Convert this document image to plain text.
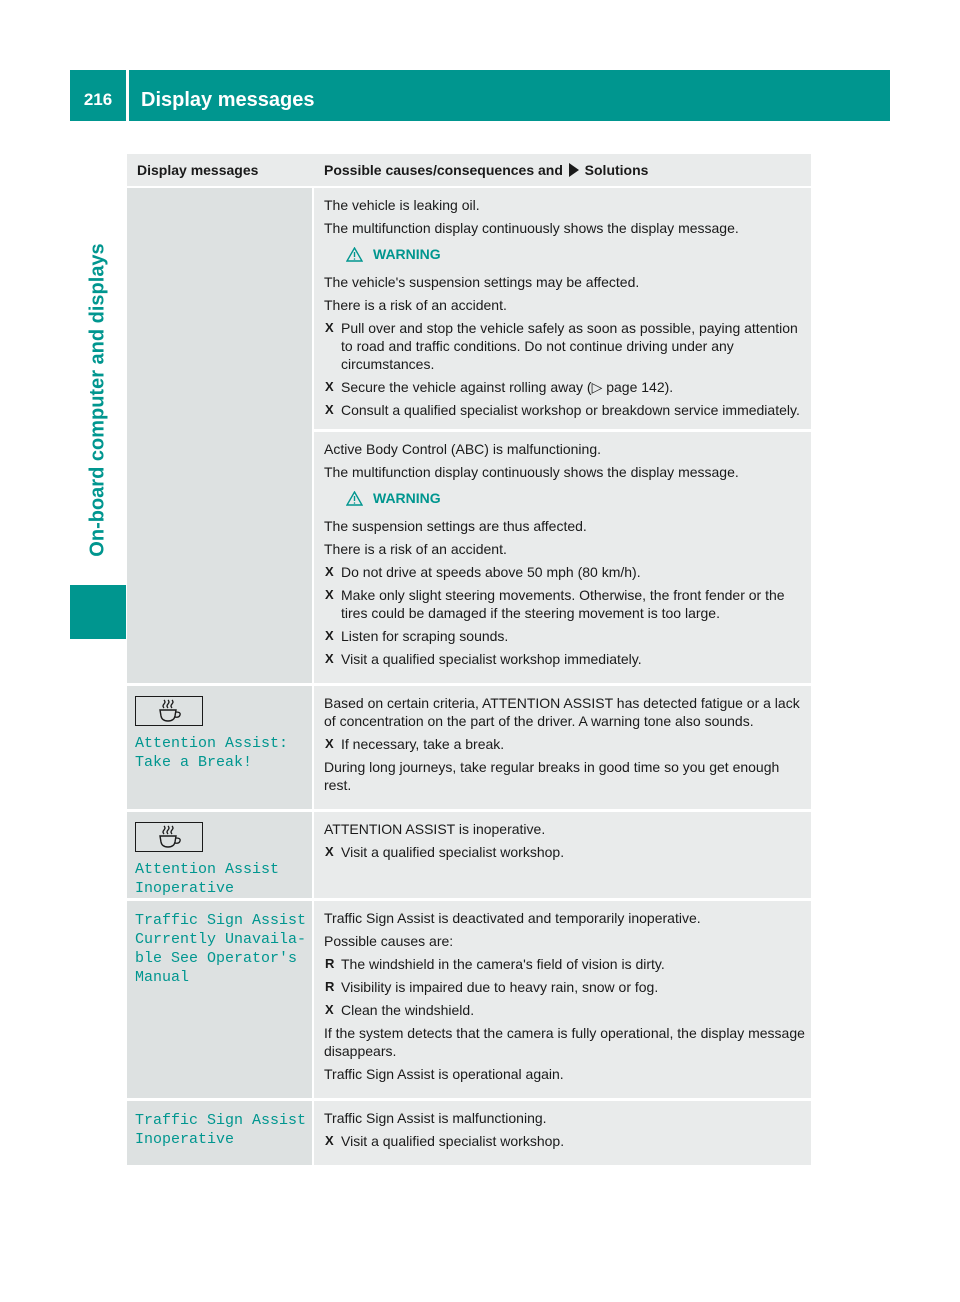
216	Display messages
On-board computer and displays
Display messages	Possible causes/consequences and Solutions
The vehicle is leaking oil.
The multifunction display continuously shows the display message.
WARNING
The vehicle's suspension settings may be affected.
There is a risk of an accident.
X Pull over and stop the vehicle safely as soon as possible, paying attention to road and traffic conditions. Do not continue driving under any circumstances.
X Secure the vehicle against rolling away (▷ page 142).
X Consult a qualified specialist workshop or breakdown service immediately.
Active Body Control (ABC) is malfunctioning.
The multifunction display continuously shows the display message.
WARNING
The suspension settings are thus affected.
There is a risk of an accident.
X Do not drive at speeds above 50 mph (80 km/h).
X Make only slight steering movements. Otherwise, the front fender or the tires could be damaged if the steering movement is too large.
X Listen for scraping sounds.
X Visit a qualified specialist workshop immediately.
Attention Assist:
Take a Break!
Based on certain criteria, ATTENTION ASSIST has detected fatigue or a lack of concentration on the part of the driver. A warning tone also sounds.
X If necessary, take a break.
During long journeys, take regular breaks in good time so you get enough rest.
Attention Assist
Inoperative
ATTENTION ASSIST is inoperative.
X Visit a qualified specialist workshop.
Traffic Sign Assist
Currently Unavaila-
ble See Operator's
Manual
Traffic Sign Assist is deactivated and temporarily inoperative.
Possible causes are:
R The windshield in the camera's field of vision is dirty.
R Visibility is impaired due to heavy rain, snow or fog.
X Clean the windshield.
If the system detects that the camera is fully operational, the display message disappears.
Traffic Sign Assist is operational again.
Traffic Sign Assist
Inoperative
Traffic Sign Assist is malfunctioning.
X Visit a qualified specialist workshop.
